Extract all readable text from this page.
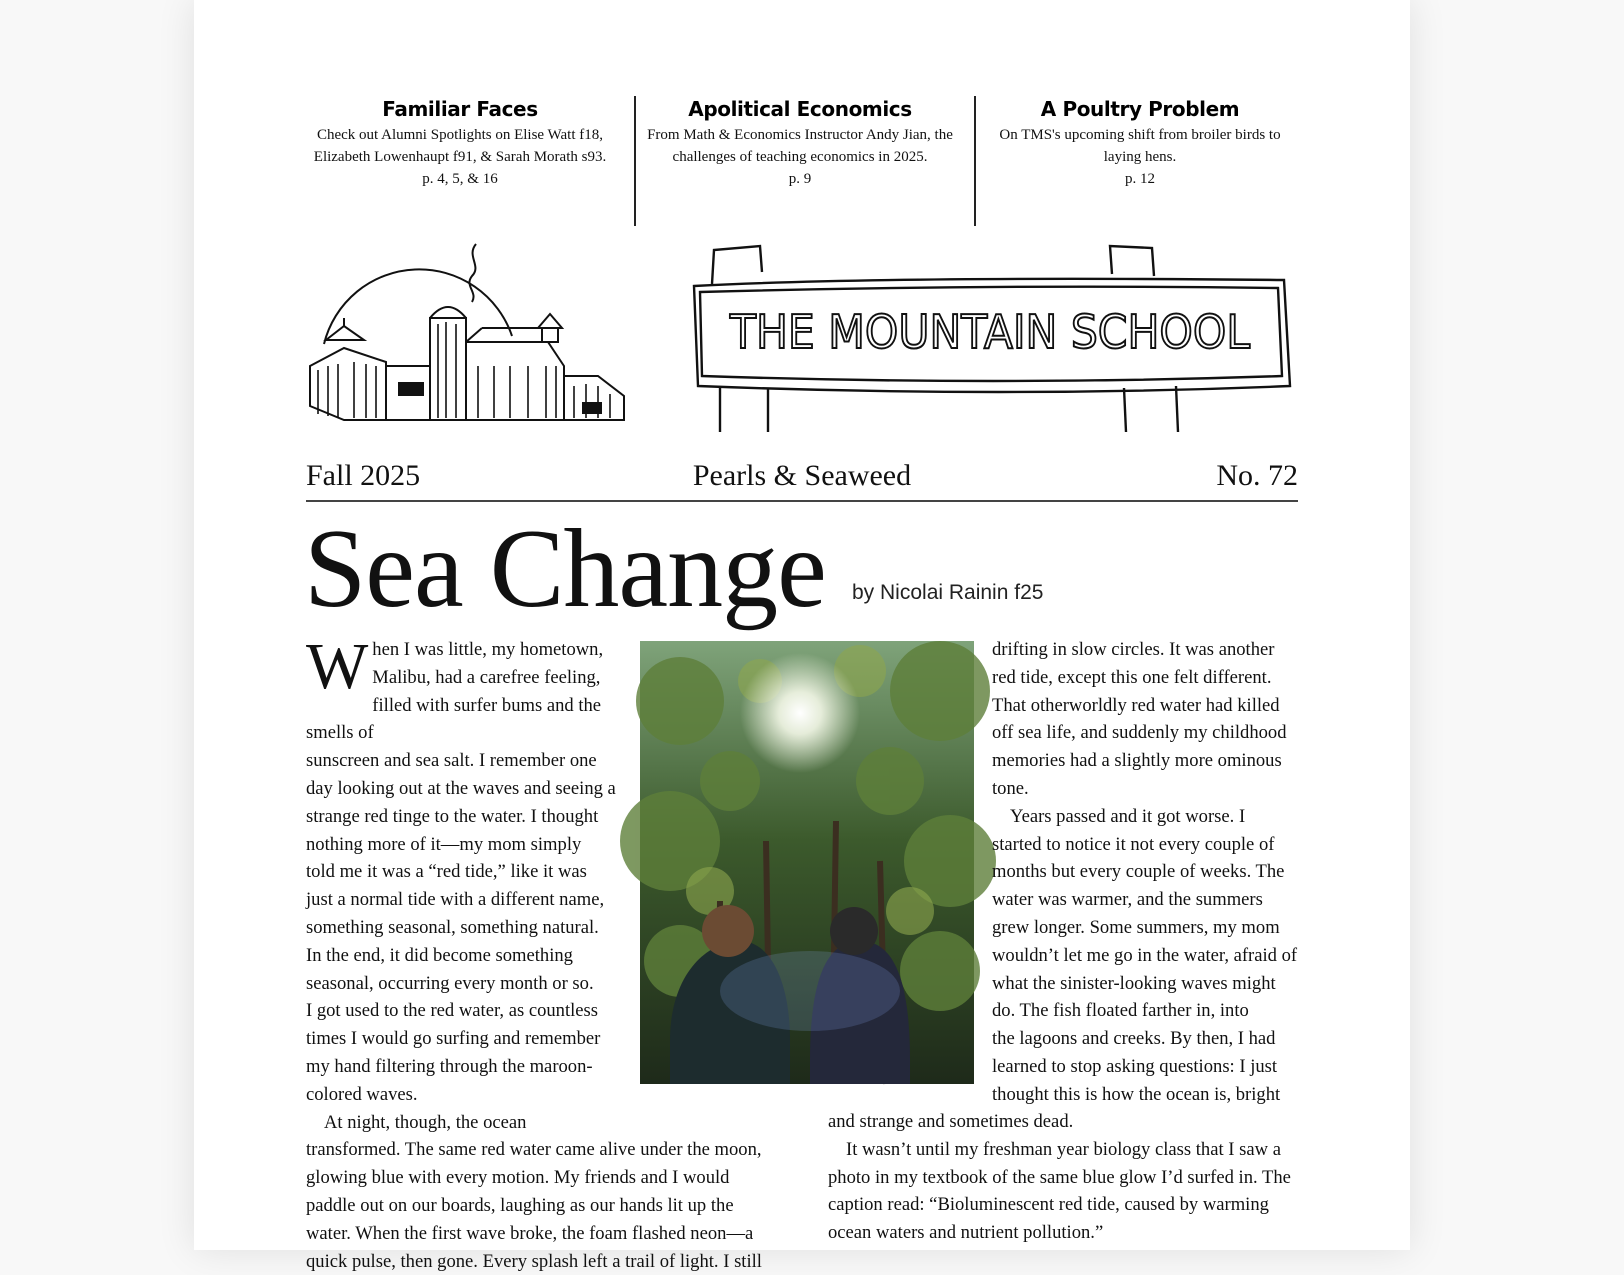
Familiar Faces

Check out Alumni Spotlights on Elise Watt f18, Elizabeth Lowenhaupt f91, & Sarah Morath s93.

p. 4, 5, & 16

Apolitical Economics

From Math & Economics Instructor Andy Jian, the challenges of teaching economics in 2025.

p. 9

A Poultry Problem

On TMS's upcoming shift from broiler birds to laying hens.

p. 12

THE MOUNTAIN SCHOOL
Fall 2025	Pearls & Seaweed	No. 72
Sea Change by Nicolai Rainin f25
W hen I was little, my hometown,
Malibu, had a carefree feeling,
filled with surfer bums and the smells of
sunscreen and sea salt. I remember one
day looking out at the waves and seeing a
strange red tinge to the water. I thought
nothing more of it—my mom simply
told me it was a “red tide,” like it was
just a normal tide with a different name,
something seasonal, something natural.
In the end, it did become something
seasonal, occurring every month or so.
I got used to the red water, as countless
times I would go surfing and remember
my hand filtering through the maroon-
colored waves.
At night, though, the ocean
transformed. The same red water came alive under the moon,
glowing blue with every motion. My friends and I would
paddle out on our boards, laughing as our hands lit up the
water. When the first wave broke, the foam flashed neon—a
quick pulse, then gone. Every splash left a trail of light. I still
drifting in slow circles. It was another
red tide, except this one felt different.
That otherworldly red water had killed
off sea life, and suddenly my childhood
memories had a slightly more ominous
tone.
Years passed and it got worse. I
started to notice it not every couple of
months but every couple of weeks. The
water was warmer, and the summers
grew longer. Some summers, my mom
wouldn’t let me go in the water, afraid of
what the sinister-looking waves might
do. The fish floated farther in, into
the lagoons and creeks. By then, I had
learned to stop asking questions: I just
thought this is how the ocean is, bright
and strange and sometimes dead.
It wasn’t until my freshman year biology class that I saw a
photo in my textbook of the same blue glow I’d surfed in. The
caption read: “Bioluminescent red tide, caused by warming
ocean waters and nutrient pollution.”
